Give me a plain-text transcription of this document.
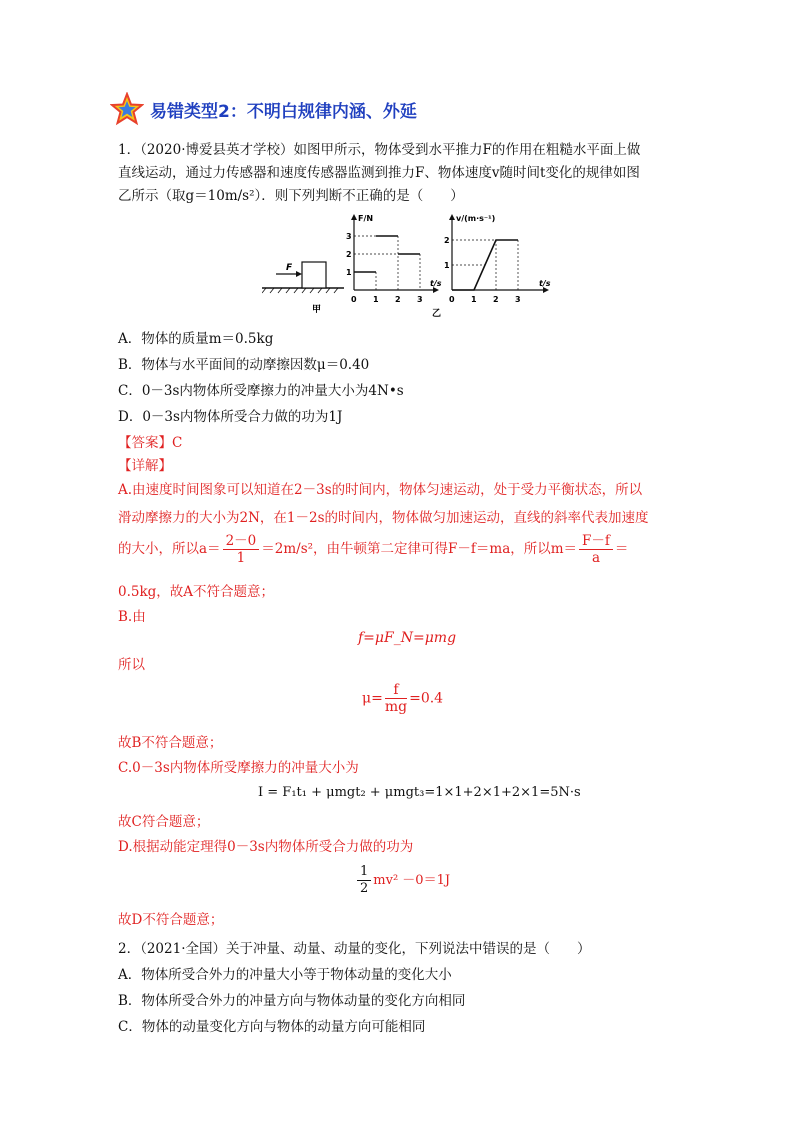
易错类型2：不明白规律内涵、外延
1．（2020·博爱县英才学校）如图甲所示，物体受到水平推力F的作用在粗糙水平面上做
直线运动，通过力传感器和速度传感器监测到推力F、物体速度v随时间t变化的规律如图
乙所示（取g＝10m/s²）．则下列判断不正确的是（　　）
F
甲
F/N
t/s
1
2
3
0 1 2 3
v/(m·s⁻¹)
t/s
1
2
0 1 2 3
乙
A．物体的质量m＝0.5kg
B．物体与水平面间的动摩擦因数μ＝0.40
C．0－3s内物体所受摩擦力的冲量大小为4N•s
D．0－3s内物体所受合力做的功为1J
【答案】C
【详解】
A.由速度时间图象可以知道在2－3s的时间内，物体匀速运动，处于受力平衡状态，所以
滑动摩擦力的大小为2N，在1－2s的时间内，物体做匀加速运动，直线的斜率代表加速度
的大小，所以$a= \frac{2-0}{1} =2m/s^2$，由牛顿第二定律可得F－f＝ma，所以$m= \frac{F-f}{a}$ ＝
0.5kg，故A不符合题意；
B.由
f=μF_N=μmg
所以
$\mu= \frac{f}{mg} =0.4$
故B不符合题意；
C.0－3s内物体所受摩擦力的冲量大小为
I = F₁t₁ + μmgt₂ + μmgt₃=1×1+2×1+2×1=5N·s
故C符合题意；
D.根据动能定理得0－3s内物体所受合力做的功为
$\frac{1}{2} mv^2 -0=1J$
故D不符合题意；
2．（2021·全国）关于冲量、动量、动量的变化，下列说法中错误的是（　　）
A．物体所受合外力的冲量大小等于物体动量的变化大小
B．物体所受合外力的冲量方向与物体动量的变化方向相同
C．物体的动量变化方向与物体的动量方向可能相同
